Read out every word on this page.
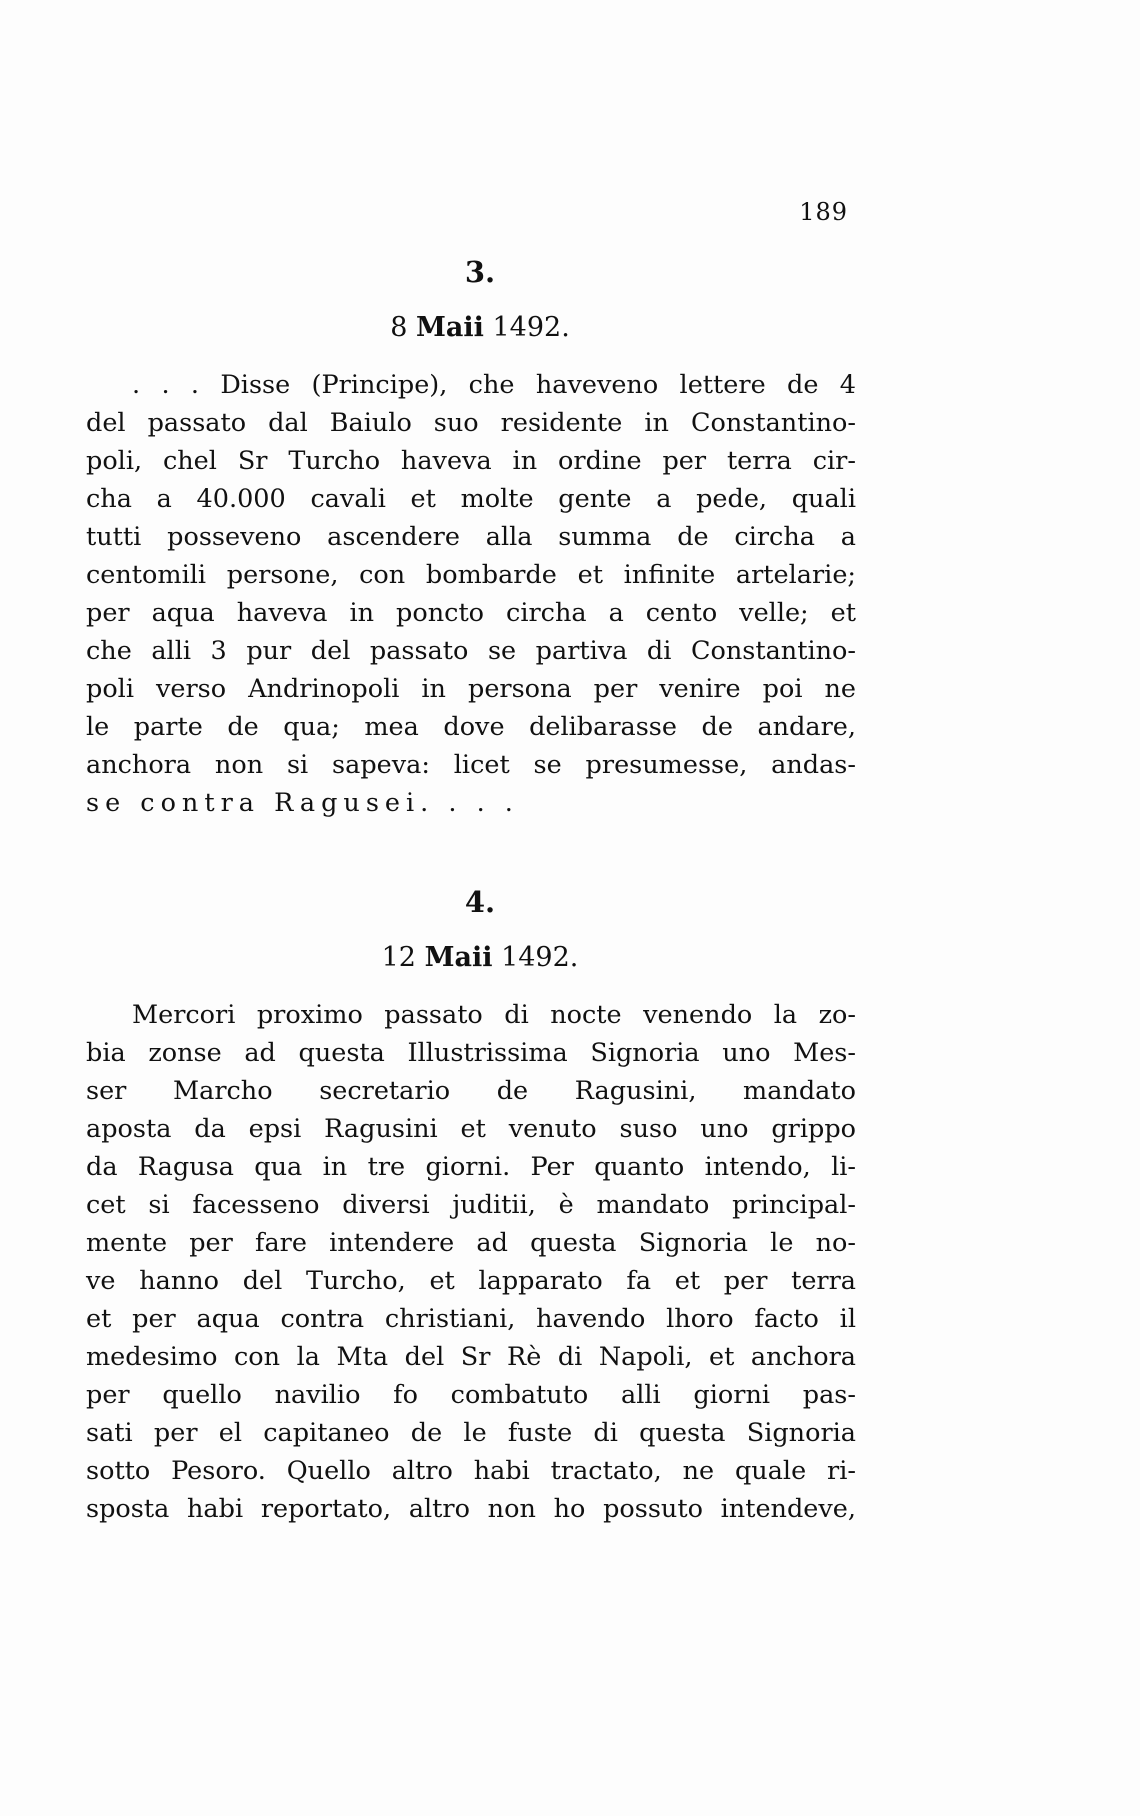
189
3.
8 Maii 1492.
. . . Disse (Principe), che haveveno lettere de 4
del passato dal Baiulo suo residente in Constantino-
poli, chel Sr Turcho haveva in ordine per terra cir-
cha a 40.000 cavali et molte gente a pede, quali
tutti posseveno ascendere alla summa de circha a
centomili persone, con bombarde et infinite artelarie;
per aqua haveva in poncto circha a cento velle; et
che alli 3 pur del passato se partiva di Constantino-
poli verso Andrinopoli in persona per venire poi ne
le parte de qua; mea dove delibarasse de andare,
anchora non si sapeva: licet se presumesse, andas-
se contra Ragusei. . . .
4.
12 Maii 1492.
Mercori proximo passato di nocte venendo la zo-
bia zonse ad questa Illustrissima Signoria uno Mes-
ser Marcho secretario de Ragusini, mandato
aposta da epsi Ragusini et venuto suso uno grippo
da Ragusa qua in tre giorni. Per quanto intendo, li-
cet si facesseno diversi juditii, è mandato principal-
mente per fare intendere ad questa Signoria le no-
ve hanno del Turcho, et lapparato fa et per terra
et per aqua contra christiani, havendo lhoro facto il
medesimo con la Mta del Sr Rè di Napoli, et anchora
per quello navilio fo combatuto alli giorni pas-
sati per el capitaneo de le fuste di questa Signoria
sotto Pesoro. Quello altro habi tractato, ne quale ri-
sposta habi reportato, altro non ho possuto intendeve,
